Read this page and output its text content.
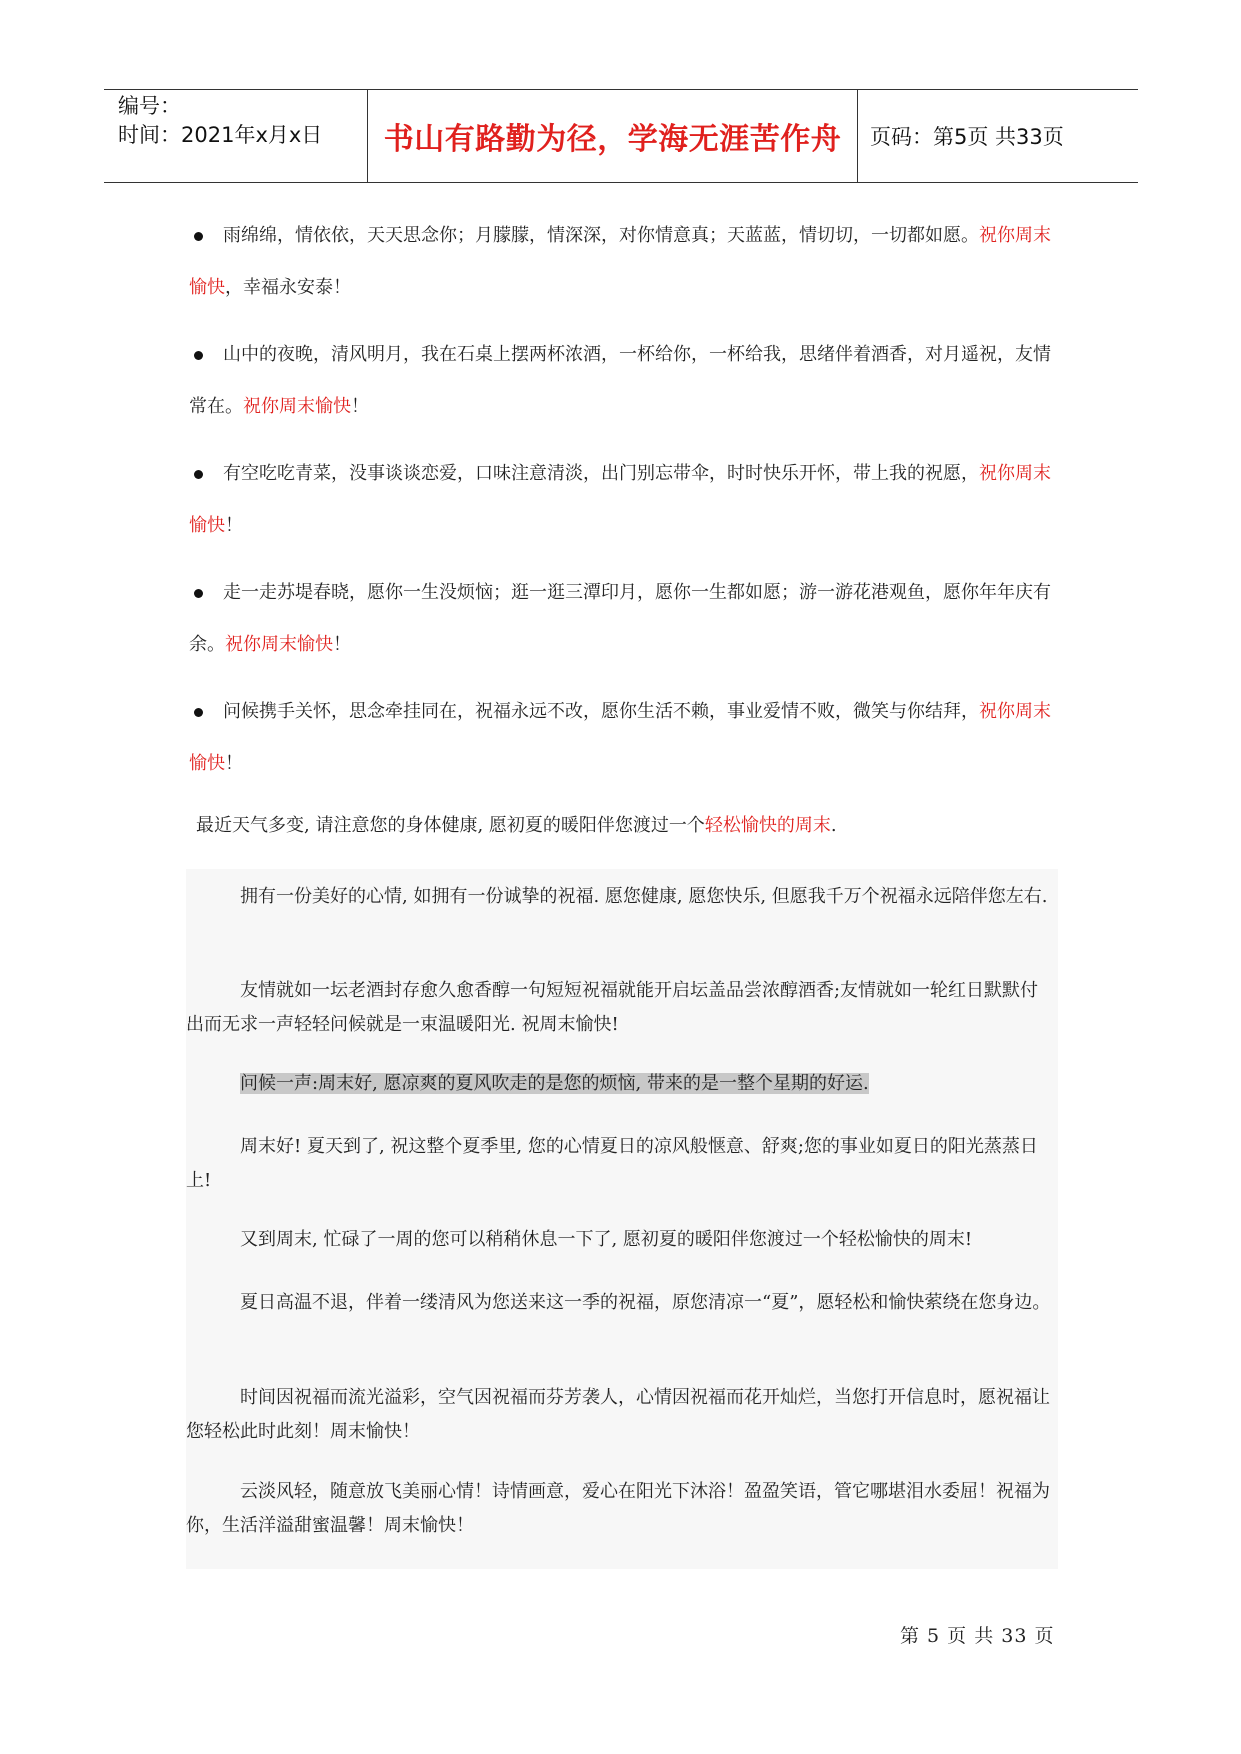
编号：
时间：2021年x月x日	书山有路勤为径，学海无涯苦作舟	页码：第5页 共33页
雨绵绵，情依依，天天思念你；月朦朦，情深深，对你情意真；天蓝蓝，情切切，一切都如愿。祝你周末愉快，幸福永安泰！
山中的夜晚，清风明月，我在石桌上摆两杯浓酒，一杯给你，一杯给我，思绪伴着酒香，对月遥祝，友情常在。祝你周末愉快！
有空吃吃青菜，没事谈谈恋爱，口味注意清淡，出门别忘带伞，时时快乐开怀，带上我的祝愿，祝你周末愉快！
走一走苏堤春晓，愿你一生没烦恼；逛一逛三潭印月，愿你一生都如愿；游一游花港观鱼，愿你年年庆有余。祝你周末愉快！
问候携手关怀，思念牵挂同在，祝福永远不改，愿你生活不赖，事业爱情不败，微笑与你结拜，祝你周末愉快！

最近天气多变, 请注意您的身体健康, 愿初夏的暖阳伴您渡过一个轻松愉快的周末.

拥有一份美好的心情, 如拥有一份诚挚的祝福. 愿您健康, 愿您快乐, 但愿我千万个祝福永远陪伴您左右.

友情就如一坛老酒封存愈久愈香醇一句短短祝福就能开启坛盖品尝浓醇酒香;友情就如一轮红日默默付出而无求一声轻轻问候就是一束温暖阳光. 祝周末愉快!

问候一声:周末好, 愿凉爽的夏风吹走的是您的烦恼, 带来的是一整个星期的好运.

周末好! 夏天到了, 祝这整个夏季里, 您的心情夏日的凉风般惬意、舒爽;您的事业如夏日的阳光蒸蒸日上!

又到周末, 忙碌了一周的您可以稍稍休息一下了, 愿初夏的暖阳伴您渡过一个轻松愉快的周末!

夏日高温不退，伴着一缕清风为您送来这一季的祝福，原您清凉一“夏”，愿轻松和愉快萦绕在您身边。

时间因祝福而流光溢彩，空气因祝福而芬芳袭人，心情因祝福而花开灿烂，当您打开信息时，愿祝福让您轻松此时此刻！周末愉快！

云淡风轻，随意放飞美丽心情！诗情画意，爱心在阳光下沐浴！盈盈笑语，管它哪堪泪水委屈！祝福为你，生活洋溢甜蜜温馨！周末愉快！

第 5 页 共 33 页
